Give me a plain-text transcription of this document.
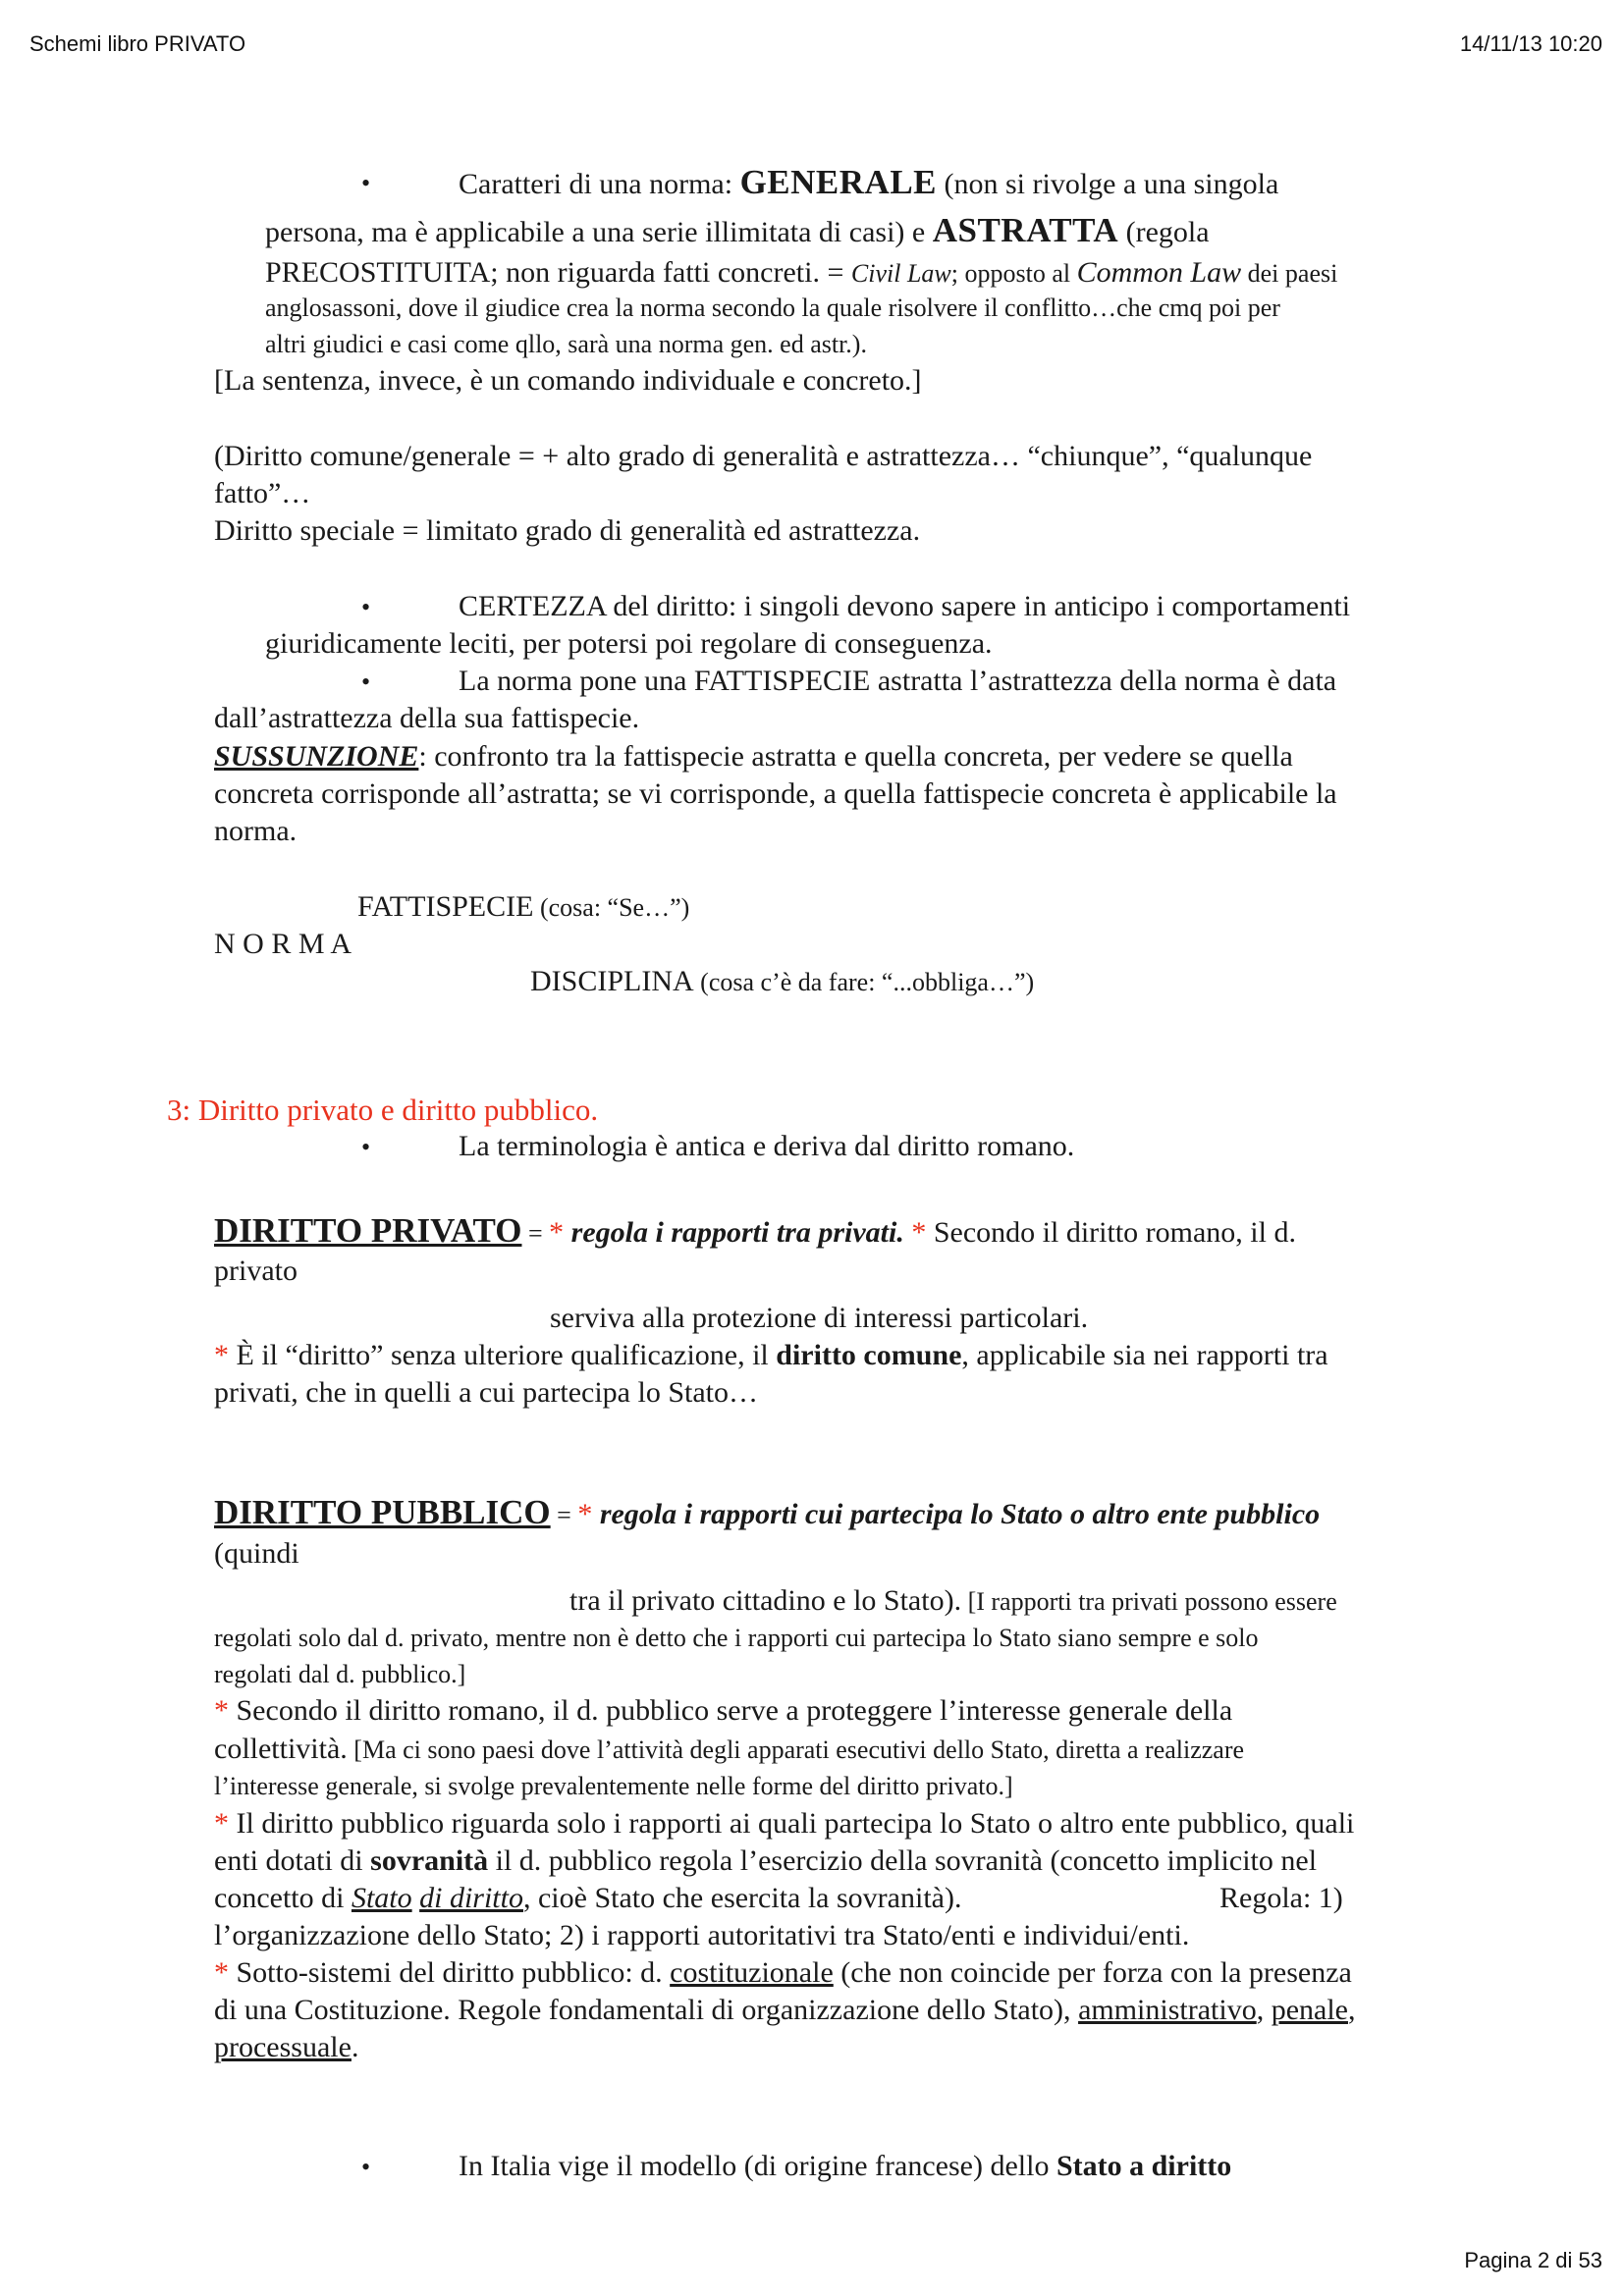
Schemi libro PRIVATO	14/11/13 10:20
•	Caratteri di una norma: GENERALE (non si rivolge a una singola
persona, ma è applicabile a una serie illimitata di casi) e ASTRATTA (regola
PRECOSTITUITA; non riguarda fatti concreti. = Civil Law; opposto al Common Law dei paesi
anglosassoni, dove il giudice crea la norma secondo la quale risolvere il conflitto…che cmq poi per
altri giudici e casi come qllo, sarà una norma gen. ed astr.).
[La sentenza, invece, è un comando individuale e concreto.]
(Diritto comune/generale = + alto grado di generalità e astrattezza… “chiunque”, “qualunque
fatto”…
Diritto speciale = limitato grado di generalità ed astrattezza.
•	CERTEZZA del diritto: i singoli devono sapere in anticipo i comportamenti
giuridicamente leciti, per potersi poi regolare di conseguenza.
•	La norma pone una FATTISPECIE astratta l’astrattezza della norma è data
dall’astrattezza della sua fattispecie.
SUSSUNZIONE: confronto tra la fattispecie astratta e quella concreta, per vedere se quella
concreta corrisponde all’astratta; se vi corrisponde, a quella fattispecie concreta è applicabile la
norma.
FATTISPECIE (cosa: “Se…”)
N O R M A
DISCIPLINA (cosa c’è da fare: “...obbliga…”)
3: Diritto privato e diritto pubblico.
•	La terminologia è antica e deriva dal diritto romano.
DIRITTO PRIVATO = * regola i rapporti tra privati. * Secondo il diritto romano, il d.
privato
serviva alla protezione di interessi particolari.
* È il “diritto” senza ulteriore qualificazione, il diritto comune, applicabile sia nei rapporti tra
privati, che in quelli a cui partecipa lo Stato…
DIRITTO PUBBLICO = * regola i rapporti cui partecipa lo Stato o altro ente pubblico
(quindi
tra il privato cittadino e lo Stato). [I rapporti tra privati possono essere
regolati solo dal d. privato, mentre non è detto che i rapporti cui partecipa lo Stato siano sempre e solo
regolati dal d. pubblico.]
* Secondo il diritto romano, il d. pubblico serve a proteggere l’interesse generale della
collettività. [Ma ci sono paesi dove l’attività degli apparati esecutivi dello Stato, diretta a realizzare
l’interesse generale, si svolge prevalentemente nelle forme del diritto privato.]
* Il diritto pubblico riguarda solo i rapporti ai quali partecipa lo Stato o altro ente pubblico, quali
enti dotati di sovranità il d. pubblico regola l’esercizio della sovranità (concetto implicito nel
concetto di Stato di diritto, cioè Stato che esercita la sovranità).	Regola: 1)
l’organizzazione dello Stato; 2) i rapporti autoritativi tra Stato/enti e individui/enti.
* Sotto-sistemi del diritto pubblico: d. costituzionale (che non coincide per forza con la presenza
di una Costituzione. Regole fondamentali di organizzazione dello Stato), amministrativo, penale,
processuale.
•	In Italia vige il modello (di origine francese) dello Stato a diritto
Pagina 2 di 53
